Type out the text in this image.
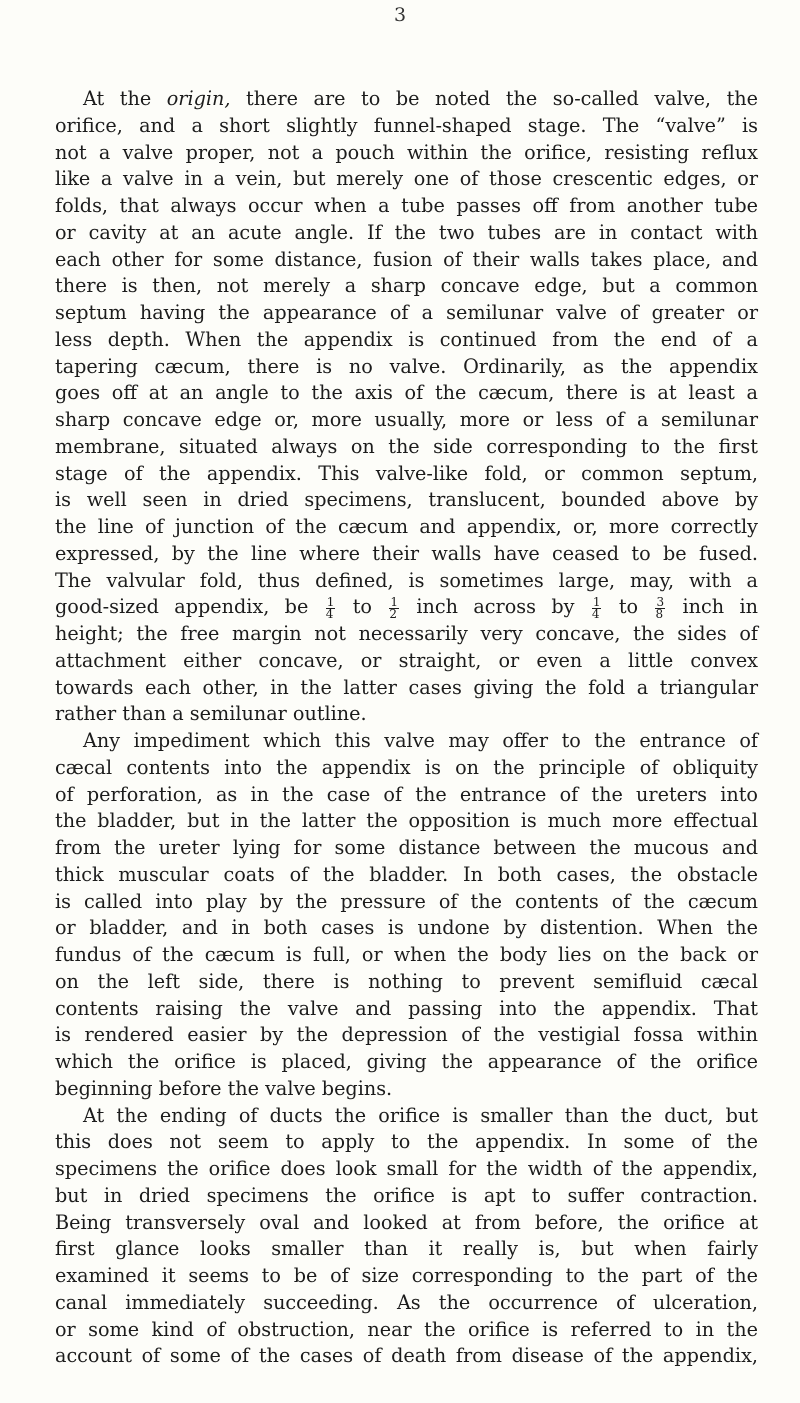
3
At the origin, there are to be noted the so-called valve, the
orifice, and a short slightly funnel-shaped stage. The “valve” is
not a valve proper, not a pouch within the orifice, resisting reflux
like a valve in a vein, but merely one of those crescentic edges, or
folds, that always occur when a tube passes off from another tube
or cavity at an acute angle. If the two tubes are in contact with
each other for some distance, fusion of their walls takes place, and
there is then, not merely a sharp concave edge, but a common
septum having the appearance of a semilunar valve of greater or
less depth. When the appendix is continued from the end of a
tapering cæcum, there is no valve. Ordinarily, as the appendix
goes off at an angle to the axis of the cæcum, there is at least a
sharp concave edge or, more usually, more or less of a semilunar
membrane, situated always on the side corresponding to the first
stage of the appendix. This valve-like fold, or common septum,
is well seen in dried specimens, translucent, bounded above by
the line of junction of the cæcum and appendix, or, more correctly
expressed, by the line where their walls have ceased to be fused.
The valvular fold, thus defined, is sometimes large, may, with a
good-sized appendix, be $\frac{1}{4}$ to $\frac{1}{2}$ inch across by $\frac{1}{4}$ to $\frac{3}{8}$ inch in
height; the free margin not necessarily very concave, the sides of
attachment either concave, or straight, or even a little convex
towards each other, in the latter cases giving the fold a triangular
rather than a semilunar outline.
Any impediment which this valve may offer to the entrance of
cæcal contents into the appendix is on the principle of obliquity
of perforation, as in the case of the entrance of the ureters into
the bladder, but in the latter the opposition is much more effectual
from the ureter lying for some distance between the mucous and
thick muscular coats of the bladder. In both cases, the obstacle
is called into play by the pressure of the contents of the cæcum
or bladder, and in both cases is undone by distention. When the
fundus of the cæcum is full, or when the body lies on the back or
on the left side, there is nothing to prevent semifluid cæcal
contents raising the valve and passing into the appendix. That
is rendered easier by the depression of the vestigial fossa within
which the orifice is placed, giving the appearance of the orifice
beginning before the valve begins.
At the ending of ducts the orifice is smaller than the duct, but
this does not seem to apply to the appendix. In some of the
specimens the orifice does look small for the width of the appendix,
but in dried specimens the orifice is apt to suffer contraction.
Being transversely oval and looked at from before, the orifice at
first glance looks smaller than it really is, but when fairly
examined it seems to be of size corresponding to the part of the
canal immediately succeeding. As the occurrence of ulceration,
or some kind of obstruction, near the orifice is referred to in the
account of some of the cases of death from disease of the appendix,
